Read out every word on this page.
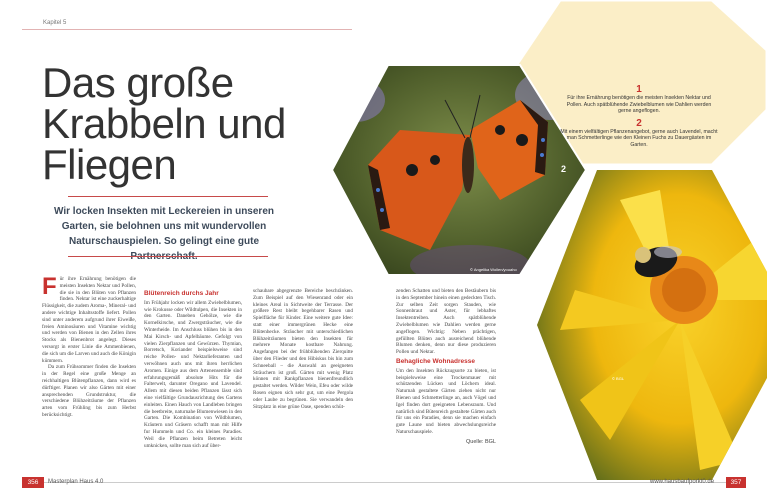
Kapitel 5
Das große
Krabbeln und
Fliegen
Wir locken Insekten mit Leckereien in unseren Garten, sie belohnen uns mit wundervollen Naturschauspielen. So gelingt eine gute
F ür ihre Ernährung benötigen die meisten Insekten Nektar und Pollen, die sie in den Blüten von Pflanzen finden. Nektar ist eine zuckerhaltige Flüssigkeit, die zudem Aroma-, Mineral- und andere wichtige Inhaltsstoffe liefert. Pollen sind unter anderem aufgrund ihrer Eiweiße, freien Aminosäuren und Vitamine wichtig und werden von Bienen in den Zellen ihres Stocks als Bienenbrot angelegt. Dieses versorgt in erster Linie die Ammenbienen, die sich um die Larven und auch die Königin kümmern.

Da zum Frühsommer finden die Insekten in der Regel eine große Menge an reichhaltigen Blütenpflanzen, dann wird es dürftiger. Planen wir also Gärten mit einer ansprechenden Grundstruktur, die verschiedene Blühzeiträume der Pflanzen arten vom Frühling bis zum Herbst berücksichtigt.

Blütenreich durchs Jahr

Im Frühjahr locken wir allem Zwiebelblumen, wie Krokusse oder Wildtulpen, die Insekten in den Garten. Daneben Gehölze, wie die Kornelkirsche, und Zwergsträucher, wie die Winterheide. Im Anschluss blühen bis in den Mai Kirsch- und Apfelbäume. Gefolgt von vielen Zierpflanzen und Gewürzen. Thymian, Borretsch, Koriander beispielsweise sind reiche Pollen- und Nektarlieferanten und verwöhnen auch uns mit ihren herrlichen Aromen. Einige aus dem Artenensemble sind erfahrungsgemäß absolute Hits für die Falterwelt, darunter Oregano und Lavendel. Allem mit diesen beiden Pflanzen lässt sich eine vielfältige Grundausrichtung des Gartens einleiten. Einen Hauch von Landleben bringen die beetbreite, naturnahe Blumenwiesen in den Garten. Die Kombination von Wildblumen, Kräutern und Gräsern schafft man mit Hilfe fur Hummeln und Co. ein kleines Paradies. Weil die Pflanzen beim Betreten leicht umknicken, sollte man sich auf über-

schaubare abgegrenzte Bereiche beschränken. Zum Beispiel auf den Wiesenrand oder ein kleines Areal in Sichtweite der Terrasse. Der größere Rest bleibt begehbarer Rasen und Spielfläche für Kinder. Eine weitere gute Idee: statt einer immergrünen Hecke eine Blütenhecke. Sträucher mit unterschiedlichen Blühzeiträumen bieten den Insekten für mehrere Monate kostbare Nahrung. Angefangen bei der frühblühenden Zierquitte über den Flieder und den Hibiskus bis hin zum Schneeball – die Auswahl an geeigneten Sträuchern ist groß. Gärten mit wenig Platz können mit Rankpflanzen bienenfreundlich gestaltet werden. Wilder Wein, Efeu oder wilde Rosen eignen sich sehr gut, um eine Pergola oder Laube zu begrünen. Sie verwandeln den Sitzplatz in eine grüne Oase, spenden schüt-

zenden Schatten und bieten den Bestäubern bis in den September hinein einen gedeckten Tisch. Zur selben Zeit sorgen Stauden, wie Sonnenbraut und Aster, für lebhaftes Insektentreiben. Auch spätblühende Zwiebelblumen wie Dahlien werden gerne angeflogen. Wichtig: Neben prächtigen, gefüllten Blüten auch ausreichend blühende Blumen denken, denn nur diese produzieren Pollen und Nektar.

Behagliche Wohnadresse

Um den Insekten Rückzugsorte zu bieten, ist beispielsweise eine Trockenmauer mit schützenden Lücken und Löchern ideal. Naturnah gestaltete Gärten ziehen nicht nur Bienen und Schmetterlinge an, auch Vögel und Igel finden dort geeigneten Lebensraum. Und natürlich sind Bütenreich gestaltete Gärten auch für uns ein Paradies, denn sie machen einfach gute Laune und bieten abwechslungsreiche Naturschauspiele.

Quelle: BGL
1
Für ihre Ernährung benötigen die meisten Insekten Nektar und Pollen. Auch spätblühende Zwiebelblumen wie Dahlien werden gerne angeflogen.
2
Mit einem vielfältigen Pflanzenangebot, gerne auch Lavendel, macht man Schmetterlinge wie den Kleinen Fuchs zu Dauergästen im Garten.
2
1
© Angelika Wollen/youaho
© BGL
356	Masterplan Haus 4.0	www.hausbaufporkt0.de	357
